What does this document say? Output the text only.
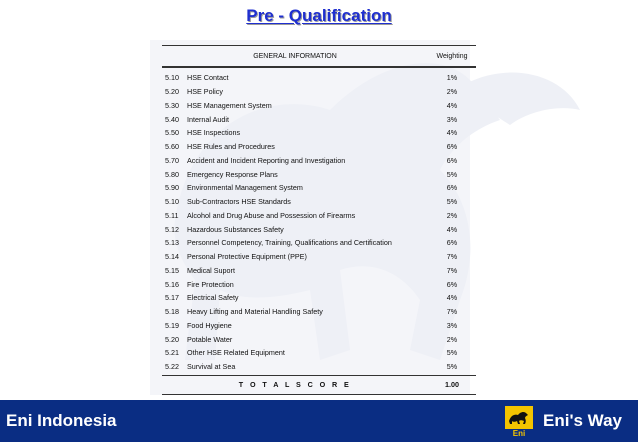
Pre - Qualification
GENERAL INFORMATION	Weighting
5.10	HSE Contact	1%
5.20	HSE Policy	2%
5.30	HSE Management System	4%
5.40	Internal Audit	3%
5.50	HSE Inspections	4%
5.60	HSE Rules and Procedures	6%
5.70	Accident and Incident Reporting and Investigation	6%
5.80	Emergency Response Plans	5%
5.90	Environmental Management System	6%
5.10	Sub-Contractors HSE Standards	5%
5.11	Alcohol and Drug Abuse and Possession of Firearms	2%
5.12	Hazardous Substances Safety	4%
5.13	Personnel Competency, Training, Qualifications and Certification	6%
5.14	Personal Protective Equipment (PPE)	7%
5.15	Medical Suport	7%
5.16	Fire Protection	6%
5.17	Electrical Safety	4%
5.18	Heavy Lifting and Material Handling Safety	7%
5.19	Food Hygiene	3%
5.20	Potable Water	2%
5.21	Other HSE Related Equipment	5%
5.22	Survival at Sea	5%
T O T A L S C O R E	1.00
Eni Indonesia
Eni
Eni's Way
